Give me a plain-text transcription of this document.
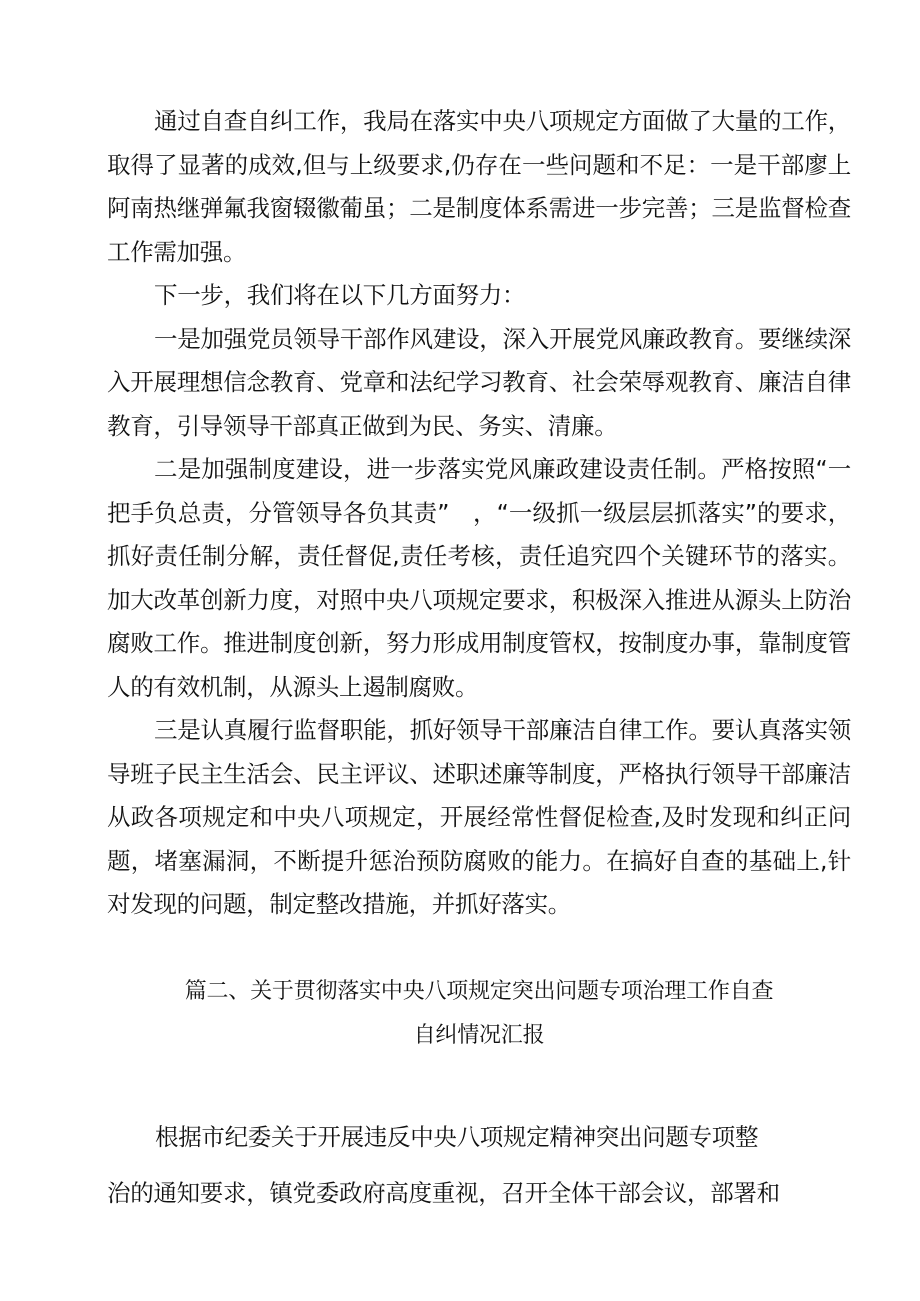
通过自查自纠工作，我局在落实中央八项规定方面做了大量的工作，取得了显著的成效,但与上级要求,仍存在一些问题和不足：一是干部廖上阿南热继弹氟我窗辍徽葡虽；二是制度体系需进一步完善；三是监督检查工作需加强。

下一步，我们将在以下几方面努力：

一是加强党员领导干部作风建设，深入开展党风廉政教育。要继续深入开展理想信念教育、党章和法纪学习教育、社会荣辱观教育、廉洁自律教育，引导领导干部真正做到为民、务实、清廉。

二是加强制度建设，进一步落实党风廉政建设责任制。严格按照“一把手负总责，分管领导各负其责”　，“一级抓一级层层抓落实”的要求，抓好责任制分解，责任督促,责任考核，责任追究四个关键环节的落实。加大改革创新力度，对照中央八项规定要求，积极深入推进从源头上防治腐败工作。推进制度创新，努力形成用制度管权，按制度办事，靠制度管人的有效机制，从源头上遏制腐败。

三是认真履行监督职能，抓好领导干部廉洁自律工作。要认真落实领导班子民主生活会、民主评议、述职述廉等制度，严格执行领导干部廉洁从政各项规定和中央八项规定，开展经常性督促检查,及时发现和纠正问题，堵塞漏洞，不断提升惩治预防腐败的能力。在搞好自查的基础上,针对发现的问题，制定整改措施，并抓好落实。

篇二、关于贯彻落实中央八项规定突出问题专项治理工作自查
自纠情况汇报
根据市纪委关于开展违反中央八项规定精神突出问题专项整
治的通知要求，镇党委政府高度重视，召开全体干部会议，部署和
